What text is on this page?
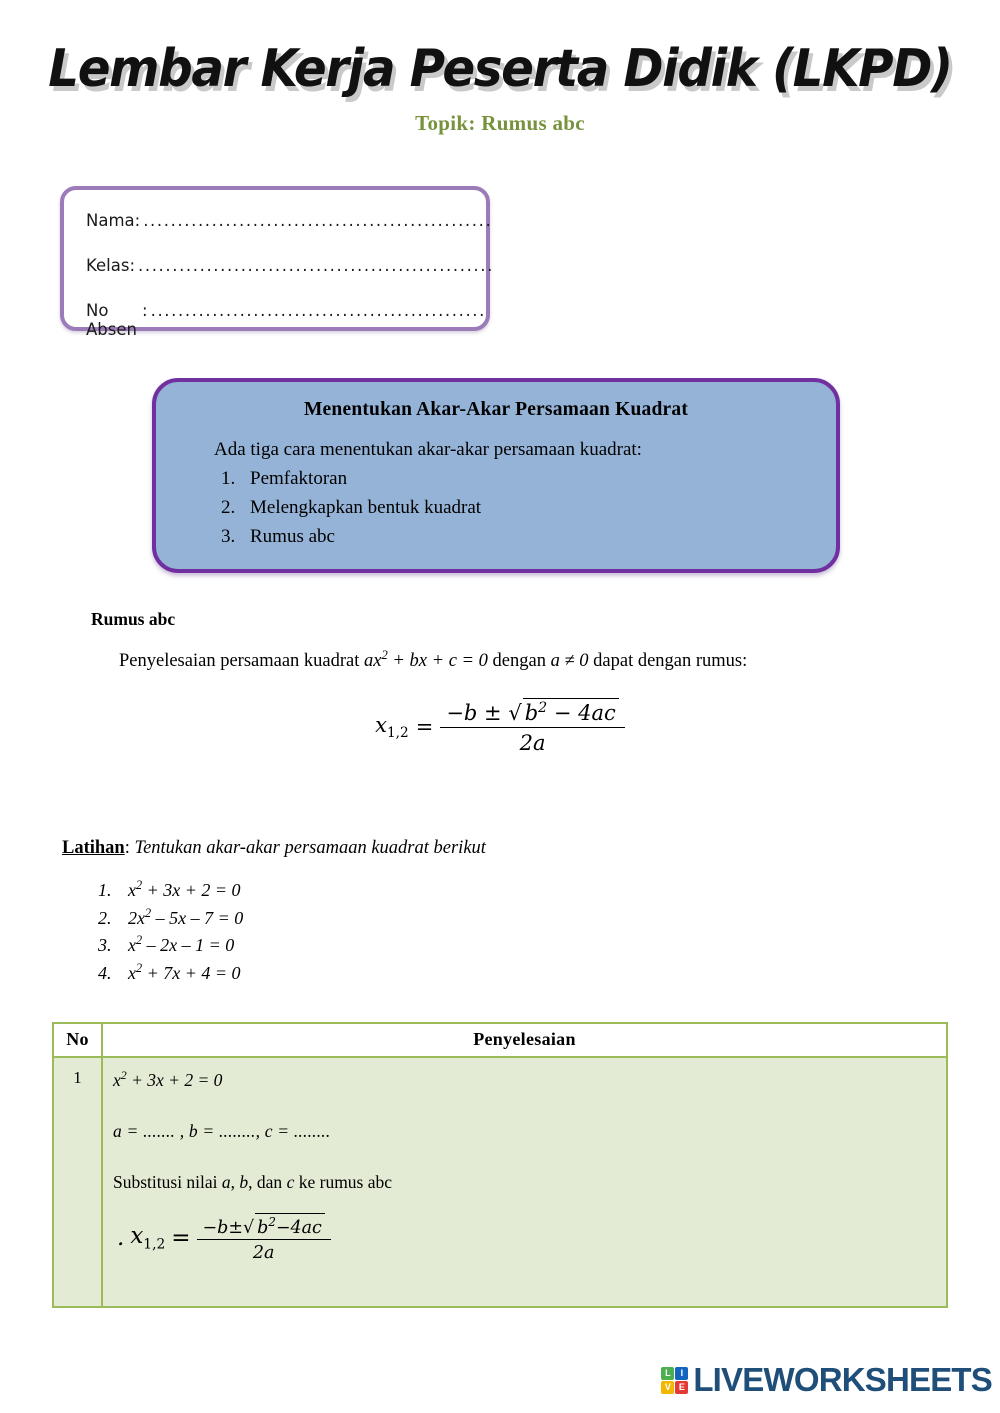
Lembar Kerja Peserta Didik (LKPD)
Topik: Rumus abc
Nama : ...................................................
Kelas : ....................................................
No Absen
: .................................................
Menentukan Akar-Akar Persamaan Kuadrat
Ada tiga cara menentukan akar-akar persamaan kuadrat:
1. Pemfaktoran
2. Melengkapkan bentuk kuadrat
3. Rumus abc
Rumus abc
Penyelesaian persamaan kuadrat $ax^2$ + bx + c = 0 dengan a ≠ 0 dapat dengan rumus:
$x_{1,2} = \frac{-b \pm √ b^2 - 4ac}{2a}$
Latihan: Tentukan akar-akar persamaan kuadrat berikut
1. $x^2 + 3x + 2 = 0$
2. $2x^2 - 5x - 7 = 0$
3. $x^2 - 2x - 1 = 0$
4. $x^2 + 7x + 4 = 0$
No	Penyelesaian
1	$x^2 + 3x + 2 = 0$
a = ....... , b = ........, c = ........
Substitusi nilai a, b, dan c ke rumus abc
. $x_{1,2} = \frac{-b\pm√ b^2-4ac}{2a}$
L	I
V E LIVEWORKSHEETS
